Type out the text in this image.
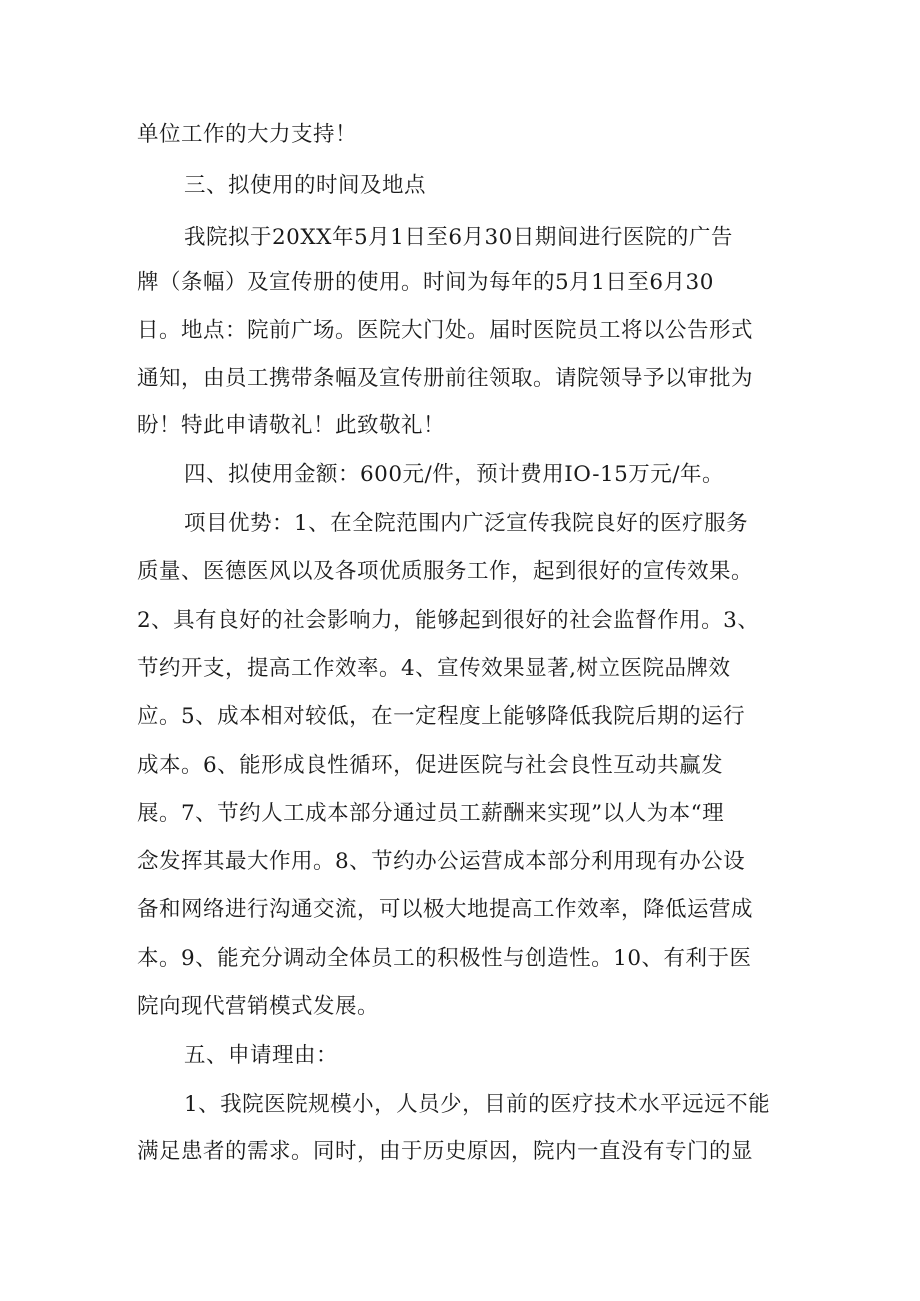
单位工作的大力支持！
三、拟使用的时间及地点
我院拟于20XX年5月1日至6月30日期间进行医院的广告
牌（条幅）及宣传册的使用。时间为每年的5月1日至6月30
日。地点：院前广场。医院大门处。届时医院员工将以公告形式
通知，由员工携带条幅及宣传册前往领取。请院领导予以审批为
盼！特此申请敬礼！此致敬礼！
四、拟使用金额：600元/件，预计费用IO-15万元/年。
项目优势：1、在全院范围内广泛宣传我院良好的医疗服务
质量、医德医风以及各项优质服务工作，起到很好的宣传效果。
2、具有良好的社会影响力，能够起到很好的社会监督作用。3、
节约开支，提高工作效率。4、宣传效果显著,树立医院品牌效
应。5、成本相对较低，在一定程度上能够降低我院后期的运行
成本。6、能形成良性循环，促进医院与社会良性互动共赢发
展。7、节约人工成本部分通过员工薪酬来实现”以人为本“理
念发挥其最大作用。8、节约办公运营成本部分利用现有办公设
备和网络进行沟通交流，可以极大地提高工作效率，降低运营成
本。9、能充分调动全体员工的积极性与创造性。10、有利于医
院向现代营销模式发展。
五、申请理由：
1、我院医院规模小，人员少，目前的医疗技术水平远远不能
满足患者的需求。同时，由于历史原因，院内一直没有专门的显
